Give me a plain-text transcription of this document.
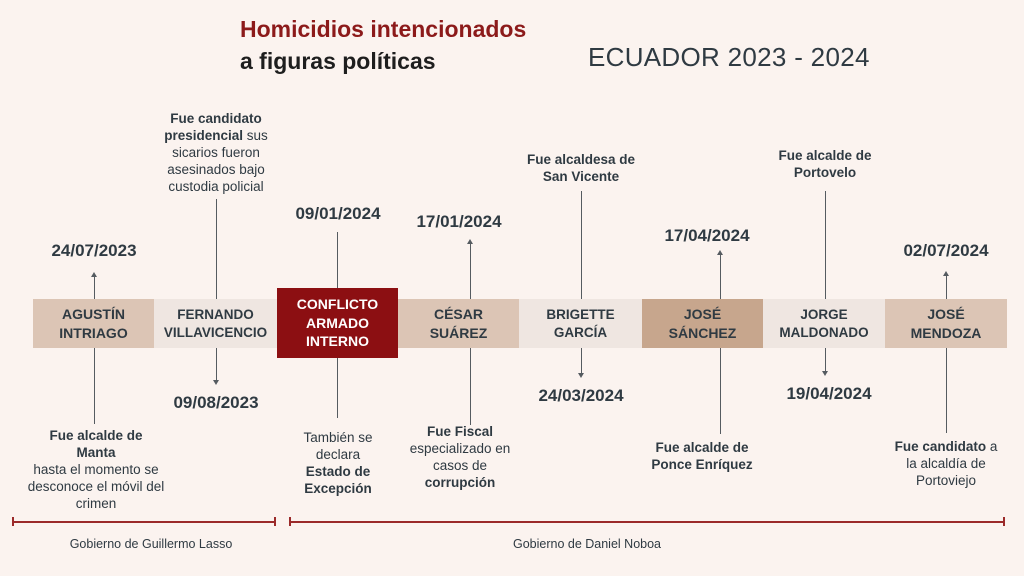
Homicidios intencionados
a figuras políticas	ECUADOR 2023 - 2024
AGUSTÍN
INTRIAGO
FERNANDO
VILLAVICENCIO
CÉSAR
SUÁREZ
BRIGETTE
GARCÍA
JOSÉ
SÁNCHEZ
JORGE
MALDONADO
JOSÉ
MENDOZA
CONFLICTO
ARMADO
INTERNO
24/07/2023
Fue alcalde de Manta
hasta el momento se desconoce el móvil del crimen
Fue candidato
presidencial sus
sicarios fueron asesinados bajo custodia policial
09/08/2023
09/01/2024
También se declara
Estado de Excepción
17/01/2024
Fue Fiscal
especializado en casos de
corrupción
Fue alcaldesa de
San Vicente
24/03/2024
17/04/2024
Fue alcalde de
Ponce Enríquez
Fue alcalde de
Portovelo
19/04/2024
02/07/2024
Fue candidato a
la alcaldía de Portoviejo
Gobierno de Guillermo Lasso	Gobierno de Daniel Noboa
